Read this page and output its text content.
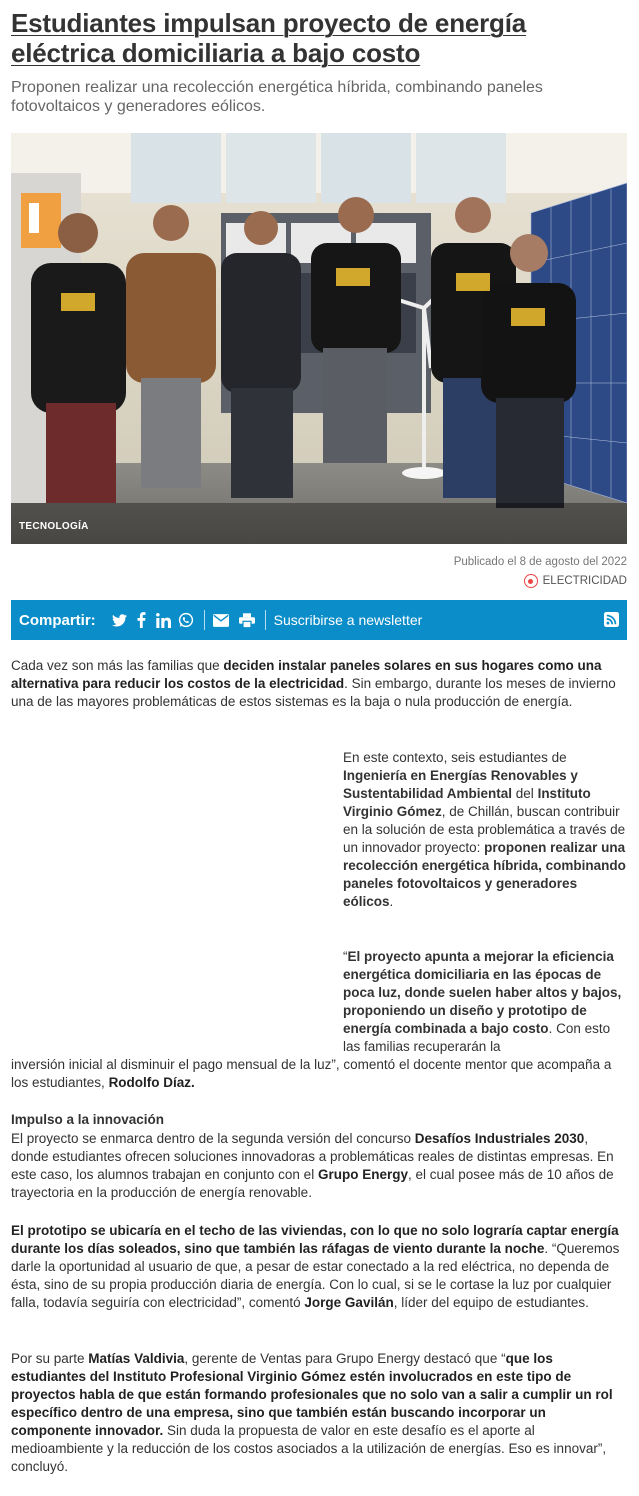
Estudiantes impulsan proyecto de energía eléctrica domiciliaria a bajo costo

Proponen realizar una recolección energética híbrida, combinando paneles fotovoltaicos y generadores eólicos.

TECNOLOGÍA
Publicado el 8 de agosto del 2022
ELECTRICIDAD
Compartir:	Suscribirse a newsletter

Cada vez son más las familias que deciden instalar paneles solares en sus hogares como una alternativa para reducir los costos de la electricidad. Sin embargo, durante los meses de invierno una de las mayores problemáticas de estos sistemas es la baja o nula producción de energía.

En este contexto, seis estudiantes de Ingeniería en Energías Renovables y Sustentabilidad Ambiental del Instituto Virginio Gómez, de Chillán, buscan contribuir en la solución de esta problemática a través de un innovador proyecto: proponen realizar una recolección energética híbrida, combinando paneles fotovoltaicos y generadores eólicos.

“El proyecto apunta a mejorar la eficiencia energética domiciliaria en las épocas de poca luz, donde suelen haber altos y bajos, proponiendo un diseño y prototipo de energía combinada a bajo costo. Con esto las familias recuperarán la

inversión inicial al disminuir el pago mensual de la luz”, comentó el docente mentor que acompaña a los estudiantes, Rodolfo Díaz.

Impulso a la innovación

El proyecto se enmarca dentro de la segunda versión del concurso Desafíos Industriales 2030, donde estudiantes ofrecen soluciones innovadoras a problemáticas reales de distintas empresas. En este caso, los alumnos trabajan en conjunto con el Grupo Energy, el cual posee más de 10 años de trayectoria en la producción de energía renovable.

El prototipo se ubicaría en el techo de las viviendas, con lo que no solo lograría captar energía durante los días soleados, sino que también las ráfagas de viento durante la noche. “Queremos darle la oportunidad al usuario de que, a pesar de estar conectado a la red eléctrica, no dependa de ésta, sino de su propia producción diaria de energía. Con lo cual, si se le cortase la luz por cualquier falla, todavía seguiría con electricidad”, comentó Jorge Gavilán, líder del equipo de estudiantes.

Por su parte Matías Valdivia, gerente de Ventas para Grupo Energy destacó que “que los estudiantes del Instituto Profesional Virginio Gómez estén involucrados en este tipo de proyectos habla de que están formando profesionales que no solo van a salir a cumplir un rol específico dentro de una empresa, sino que también están buscando incorporar un componente innovador. Sin duda la propuesta de valor en este desafío es el aporte al medioambiente y la reducción de los costos asociados a la utilización de energías. Eso es innovar”, concluyó.
